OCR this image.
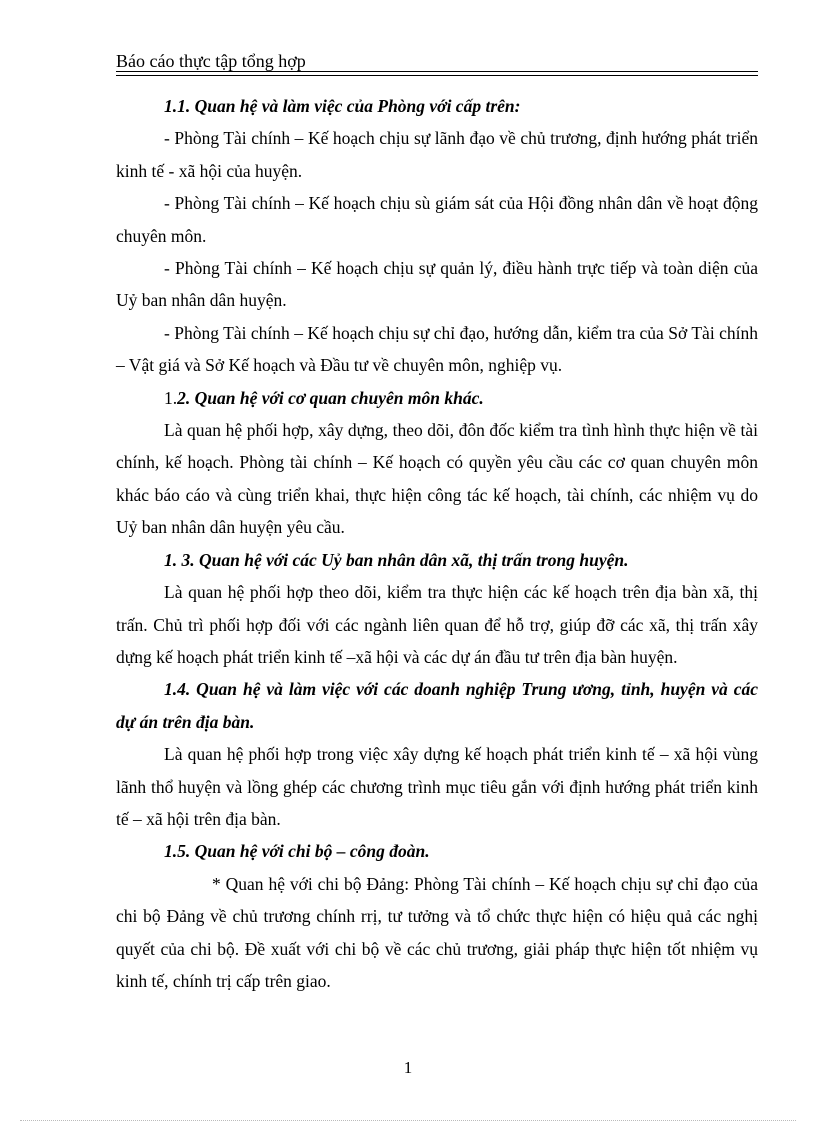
Báo cáo thực tập tổng hợp

1.1. Quan hệ và làm việc của Phòng với cấp trên:

- Phòng Tài chính – Kế hoạch chịu sự lãnh đạo về chủ trương, định hướng phát triển kinh tế - xã hội của huyện.

- Phòng Tài chính – Kế hoạch chịu sù giám sát của Hội đồng nhân dân về hoạt động chuyên môn.

- Phòng Tài chính – Kế hoạch chịu sự quản lý, điều hành trực tiếp và toàn diện của Uỷ ban nhân dân huyện.

- Phòng Tài chính – Kế hoạch chịu sự chỉ đạo, hướng dẫn, kiểm tra của Sở Tài chính – Vật giá và Sở Kế hoạch và Đầu tư về chuyên môn, nghiệp vụ.

1.2. Quan hệ với cơ quan chuyên môn khác.

Là quan hệ phối hợp, xây dựng, theo dõi, đôn đốc kiểm tra tình hình thực hiện về tài chính, kế hoạch. Phòng tài chính – Kế hoạch có quyền yêu cầu các cơ quan chuyên môn khác báo cáo và cùng triển khai, thực hiện công tác kế hoạch, tài chính, các nhiệm vụ do Uỷ ban nhân dân huyện yêu cầu.

1. 3. Quan hệ với các Uỷ ban nhân dân xã, thị trấn trong huyện.

Là quan hệ phối hợp theo dõi, kiểm tra thực hiện các kế hoạch trên địa bàn xã, thị trấn. Chủ trì phối hợp đối với các ngành liên quan để hỗ trợ, giúp đỡ các xã, thị trấn xây dựng kế hoạch phát triển kinh tế –xã hội và các dự án đầu tư trên địa bàn huyện.

1.4. Quan hệ và làm việc với các doanh nghiệp Trung ương, tỉnh, huyện và các dự án trên địa bàn.

Là quan hệ phối hợp trong việc xây dựng kế hoạch phát triển kinh tế – xã hội vùng lãnh thổ huyện và lồng ghép các chương trình mục tiêu gắn với định hướng phát triển kinh tế – xã hội trên địa bàn.

1.5. Quan hệ với chi bộ – công đoàn.

* Quan hệ với chi bộ Đảng: Phòng Tài chính – Kế hoạch chịu sự chỉ đạo của chi bộ Đảng về chủ trương chính rrị, tư tưởng và tổ chức thực hiện có hiệu quả các nghị quyết của chi bộ. Đề xuất với chi bộ về các chủ trương, giải pháp thực hiện tốt nhiệm vụ kinh tế, chính trị cấp trên giao.

1
